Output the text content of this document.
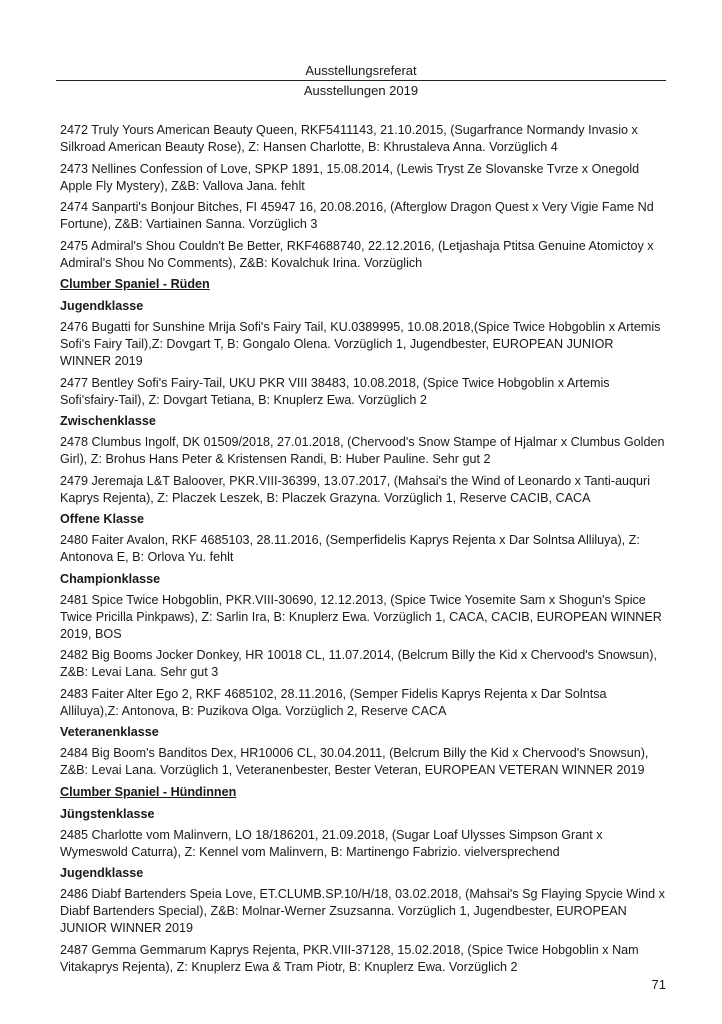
Ausstellungsreferat
Ausstellungen 2019

2472 Truly Yours American Beauty Queen, RKF5411143, 21.10.2015, (Sugarfrance Normandy Invasio x Silkroad American Beauty Rose), Z: Hansen Charlotte, B: Khrustaleva Anna. Vorzüglich 4

2473 Nellines Confession of Love, SPKP 1891, 15.08.2014, (Lewis Tryst Ze Slovanske Tvrze x Onegold Apple Fly Mystery), Z&B: Vallova Jana. fehlt

2474 Sanparti's Bonjour Bitches, FI 45947 16, 20.08.2016, (Afterglow Dragon Quest x Very Vigie Fame Nd Fortune), Z&B: Vartiainen Sanna. Vorzüglich 3

2475 Admiral's Shou Couldn't Be Better, RKF4688740, 22.12.2016, (Letjashaja Ptitsa Genuine Atomictoy x Admiral's Shou No Comments), Z&B: Kovalchuk Irina. Vorzüglich

Clumber Spaniel - Rüden
Jugendklasse

2476 Bugatti for Sunshine Mrija Sofi's Fairy Tail, KU.0389995, 10.08.2018,(Spice Twice Hobgoblin x Artemis Sofi's Fairy Tail),Z: Dovgart T, B: Gongalo Olena. Vorzüglich 1, Jugendbester, EUROPEAN JUNIOR WINNER 2019

2477 Bentley Sofi's Fairy-Tail, UKU PKR VIII 38483, 10.08.2018, (Spice Twice Hobgoblin x Artemis Sofi'sfairy-Tail), Z: Dovgart Tetiana, B: Knuplerz Ewa. Vorzüglich 2

Zwischenklasse

2478 Clumbus Ingolf, DK 01509/2018, 27.01.2018, (Chervood's Snow Stampe of Hjalmar x Clumbus Golden Girl), Z: Brohus Hans Peter & Kristensen Randi, B: Huber Pauline. Sehr gut 2

2479 Jeremaja L&T Baloover, PKR.VIII-36399, 13.07.2017, (Mahsai's the Wind of Leonardo x Tanti-auquri Kaprys Rejenta), Z: Placzek Leszek, B: Placzek Grazyna. Vorzüglich 1, Reserve CACIB, CACA

Offene Klasse

2480 Faiter Avalon, RKF 4685103, 28.11.2016, (Semperfidelis Kaprys Rejenta x Dar Solntsa Alliluya), Z: Antonova E, B: Orlova Yu. fehlt

Championklasse

2481 Spice Twice Hobgoblin, PKR.VIII-30690, 12.12.2013, (Spice Twice Yosemite Sam x Shogun's Spice Twice Pricilla Pinkpaws), Z: Sarlin Ira, B: Knuplerz Ewa. Vorzüglich 1, CACA, CACIB, EUROPEAN WINNER 2019, BOS

2482 Big Booms Jocker Donkey, HR 10018 CL, 11.07.2014, (Belcrum Billy the Kid x Chervood's Snowsun), Z&B: Levai Lana. Sehr gut 3

2483 Faiter Alter Ego 2, RKF 4685102, 28.11.2016, (Semper Fidelis Kaprys Rejenta x Dar Solntsa Alliluya),Z: Antonova, B: Puzikova Olga. Vorzüglich 2, Reserve CACA

Veteranenklasse

2484 Big Boom's Banditos Dex, HR10006 CL, 30.04.2011, (Belcrum Billy the Kid x Chervood's Snowsun), Z&B: Levai Lana. Vorzüglich 1, Veteranenbester, Bester Veteran, EUROPEAN VETERAN WINNER 2019

Clumber Spaniel - Hündinnen
Jüngstenklasse

2485 Charlotte vom Malinvern, LO 18/186201, 21.09.2018, (Sugar Loaf Ulysses Simpson Grant x Wymeswold Caturra), Z: Kennel vom Malinvern, B: Martinengo Fabrizio. vielversprechend

Jugendklasse

2486 Diabf Bartenders Speia Love, ET.CLUMB.SP.10/H/18, 03.02.2018, (Mahsai's Sg Flaying Spycie Wind x Diabf Bartenders Special), Z&B: Molnar-Werner Zsuzsanna. Vorzüglich 1, Jugendbester, EUROPEAN JUNIOR WINNER 2019

2487 Gemma Gemmarum Kaprys Rejenta, PKR.VIII-37128, 15.02.2018, (Spice Twice Hobgoblin x Nam Vitakaprys Rejenta), Z: Knuplerz Ewa & Tram Piotr, B: Knuplerz Ewa. Vorzüglich 2

71
